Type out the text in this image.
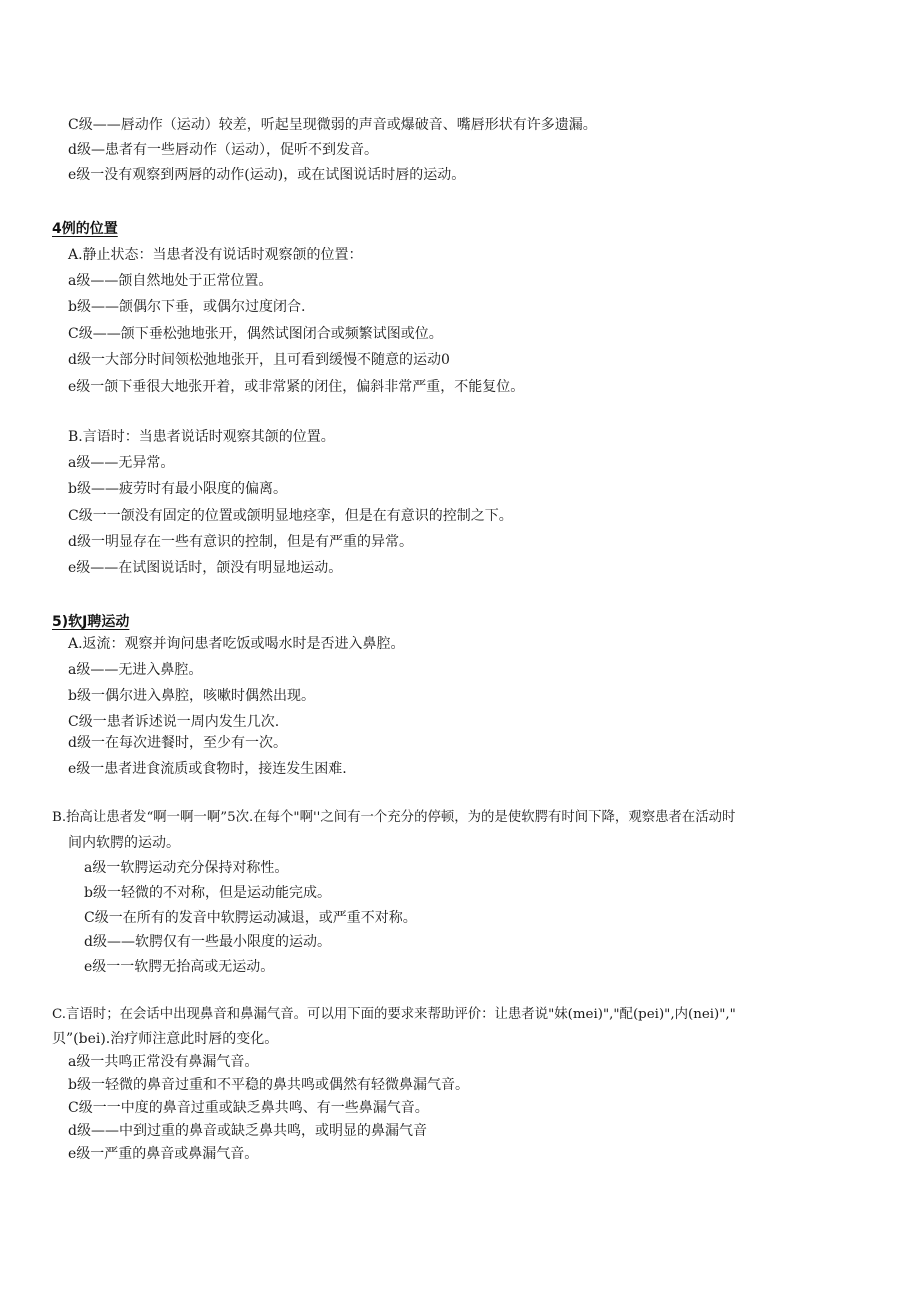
C级——唇动作（运动）较差，听起呈现微弱的声音或爆破音、嘴唇形状有许多遗漏。
d级—患者有一些唇动作（运动），促听不到发音。
e级一没有观察到两唇的动作(运动)，或在试图说话时唇的运动。
4例的位置
A.静止状态：当患者没有说话时观察颌的位置：
a级——颌自然地处于正常位置。
b级——颌偶尔下垂，或偶尔过度闭合.
C级——颌下垂松弛地张开，偶然试图闭合或频繁试图或位。
d级一大部分时间领松弛地张开，且可看到缓慢不随意的运动0
e级一颌下垂很大地张开着，或非常紧的闭住，偏斜非常严重，不能复位。
B.言语时：当患者说话时观察其颌的位置。
a级——无异常。
b级——疲劳时有最小限度的偏离。
C级一一颌没有固定的位置或颌明显地痉挛，但是在有意识的控制之下。
d级一明显存在一些有意识的控制，但是有严重的异常。
e级——在试图说话时，颌没有明显地运动。
5)软J聘运动
A.返流：观察并询问患者吃饭或喝水时是否进入鼻腔。
a级——无进入鼻腔。
b级一偶尔进入鼻腔，咳嗽时偶然出现。
C级一患者诉述说一周内发生几次.
d级一在每次进餐时，至少有一次。
e级一患者进食流质或食物时，接连发生困难.
B.抬高让患者发“啊一啊一啊”5次.在每个"啊''之间有一个充分的停顿，为的是使软腭有时间下降，观察患者在活动时
间内软腭的运动。
a级一软腭运动充分保持对称性。
b级一轻微的不对称，但是运动能完成。
C级一在所有的发音中软腭运动减退，或严重不对称。
d级——软腭仅有一些最小限度的运动。
e级一一软腭无抬高或无运动。
C.言语时；在会话中出现鼻音和鼻漏气音。可以用下面的要求来帮助评价：让患者说"妹(mei)","配(pei)",内(nei)","
贝”(bei).治疗师注意此时唇的变化。
a级一共鸣正常没有鼻漏气音。
b级一轻微的鼻音过重和不平稳的鼻共鸣或偶然有轻微鼻漏气音。
C级一一中度的鼻音过重或缺乏鼻共鸣、有一些鼻漏气音。
d级——中到过重的鼻音或缺乏鼻共鸣，或明显的鼻漏气音
e级一严重的鼻音或鼻漏气音。
